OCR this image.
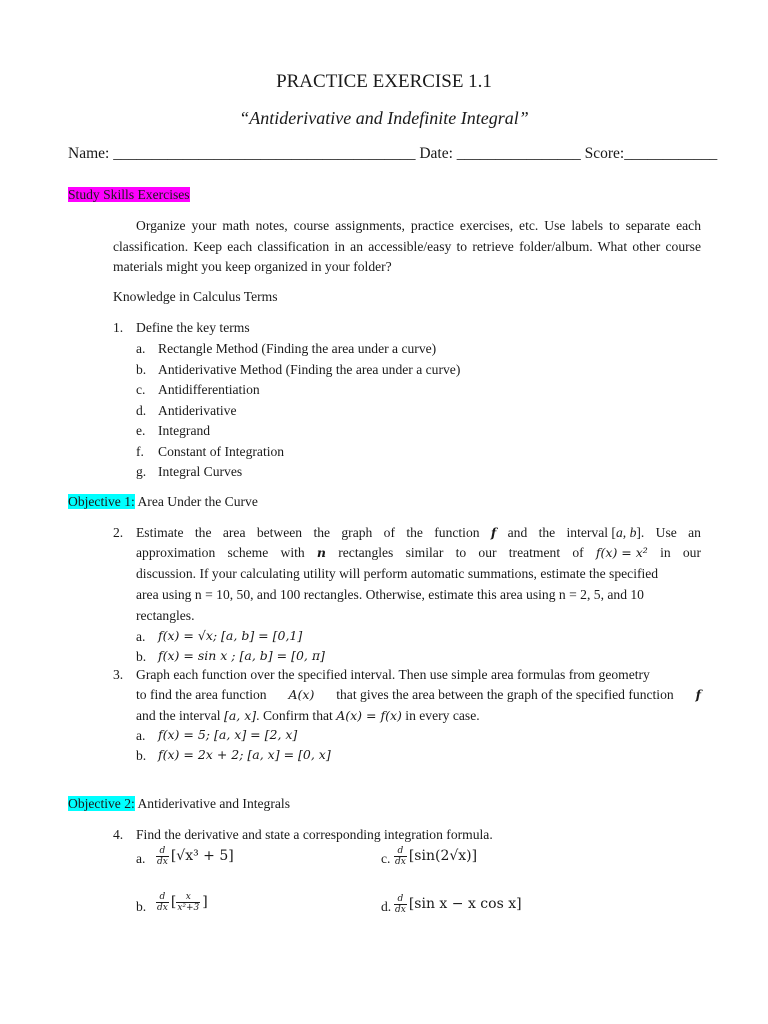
PRACTICE EXERCISE 1.1
“Antiderivative and Indefinite Integral”
Name: _______________________________________ Date: ________________ Score:____________
Study Skills Exercises
Organize your math notes, course assignments, practice exercises, etc. Use labels to separate each classification. Keep each classification in an accessible/easy to retrieve folder/album. What other course materials might you keep organized in your folder?
Knowledge in Calculus Terms
1. Define the key terms
a. Rectangle Method (Finding the area under a curve)
b. Antiderivative Method (Finding the area under a curve)
c. Antidifferentiation
d. Antiderivative
e. Integrand
f. Constant of Integration
g. Integral Curves
Objective 1: Area Under the Curve
2. Estimate the area between the graph of the function f and the interval [a, b]. Use an
approximation scheme with n rectangles similar to our treatment of f(x) = x² in our
discussion. If your calculating utility will perform automatic summations, estimate the specified
area using n = 10, 50, and 100 rectangles. Otherwise, estimate this area using n = 2, 5, and 10
rectangles.
a. f(x) = √x; [a, b] = [0,1]
b. f(x) = sin x ; [a, b] = [0, π]
3. Graph each function over the specified interval. Then use simple area formulas from geometry
to find the area function A(x) that gives the area between the graph of the specified function f
and the interval [a, x]. Confirm that A(x) = f(x) in every case.
a. f(x) = 5; [a, x] = [2, x]
b. f(x) = 2x + 2; [a, x] = [0, x]
Objective 2: Antiderivative and Integrals
4. Find the derivative and state a corresponding integration formula.
a. $\frac{d}{dx} [√x^3 + 5]$	c. $\frac{d}{dx} [\sin(2√x)]$
b. $\frac{d}{dx}$ [ $\frac{x}{\text{x²+3}}$ ]	d. $\frac{d}{dx} [\sin$ x − x cos x]
